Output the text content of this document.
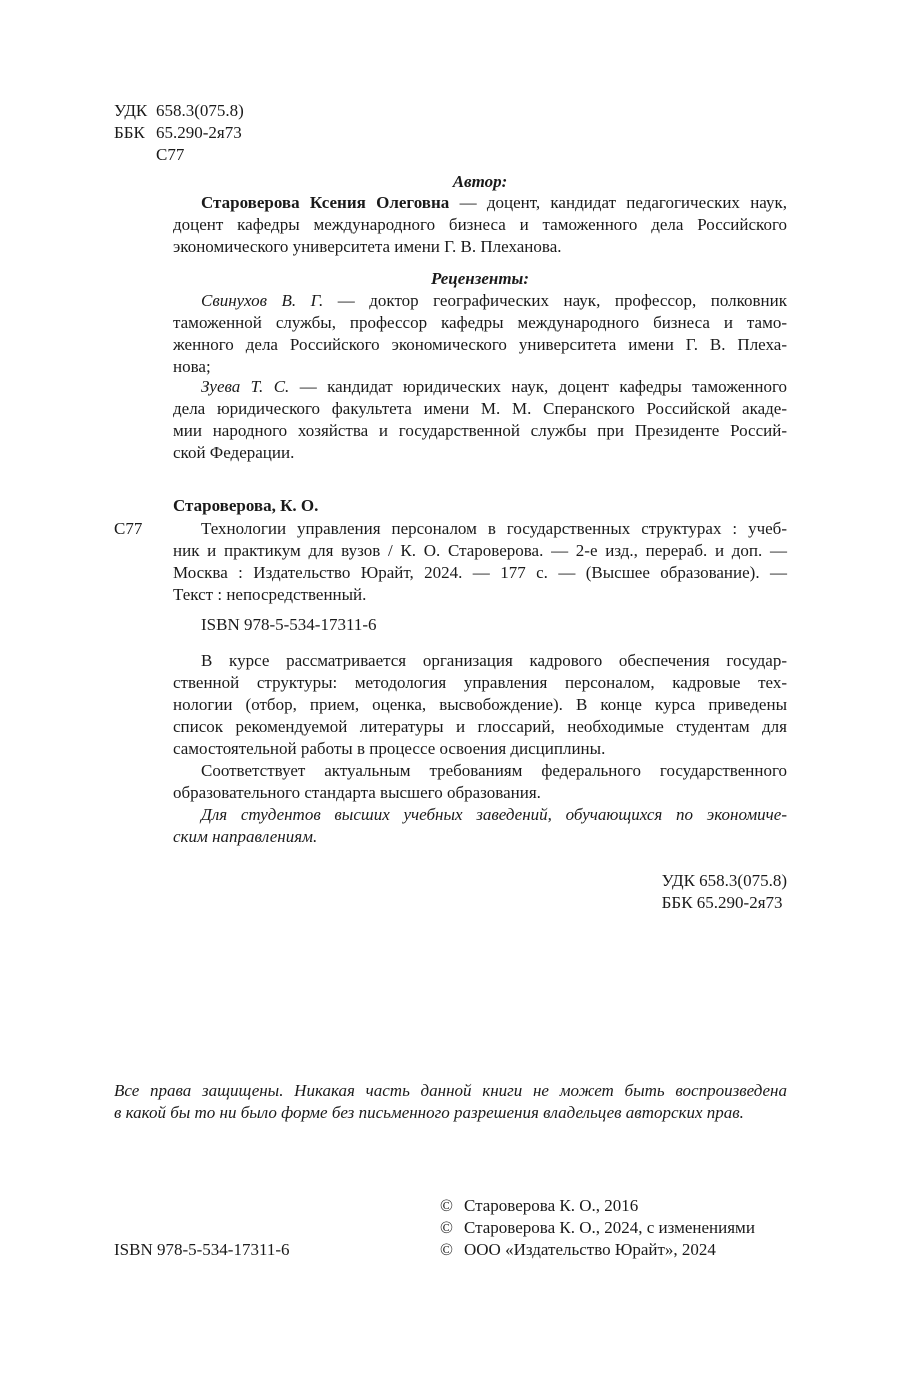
УДК 658.3(075.8)
ББК 65.290-2я73
С77
Автор:
Староверова Ксения Олеговна — доцент, кандидат педагогических наук,
доцент кафедры международного бизнеса и таможенного дела Российского
экономического университета имени Г. В. Плеханова.
Рецензенты:
Свинухов В. Г. — доктор географических наук, профессор, полковник
таможенной службы, профессор кафедры международного бизнеса и тамо-
женного дела Российского экономического университета имени Г. В. Плеха-
нова;
Зуева Т. С. — кандидат юридических наук, доцент кафедры таможенного
дела юридического факультета имени М. М. Сперанского Российской акаде-
мии народного хозяйства и государственной службы при Президенте Россий-
ской Федерации.
Староверова, К. О.
С77	Технологии управления персоналом в государственных структурах : учеб-
ник и практикум для вузов / К. О. Староверова. — 2-е изд., перераб. и доп. —
Москва : Издательство Юрайт, 2024. — 177 с. — (Высшее образование). —
Текст : непосредственный.
ISBN 978-5-534-17311-6
В курсе рассматривается организация кадрового обеспечения государ-
ственной структуры: методология управления персоналом, кадровые тех-
нологии (отбор, прием, оценка, высвобождение). В конце курса приведены
список рекомендуемой литературы и глоссарий, необходимые студентам для
самостоятельной работы в процессе освоения дисциплины.
Соответствует актуальным требованиям федерального государственного
образовательного стандарта высшего образования.
Для студентов высших учебных заведений, обучающихся по экономиче-
ским направлениям.
УДК 658.3(075.8)
ББК 65.290-2я73
Все права защищены. Никакая часть данной книги не может быть воспроизведена
в какой бы то ни было форме без письменного разрешения владельцев авторских прав.
© Староверова К. О., 2016
© Староверова К. О., 2024, с изменениями
© ООО «Издательство Юрайт», 2024
ISBN 978-5-534-17311-6
